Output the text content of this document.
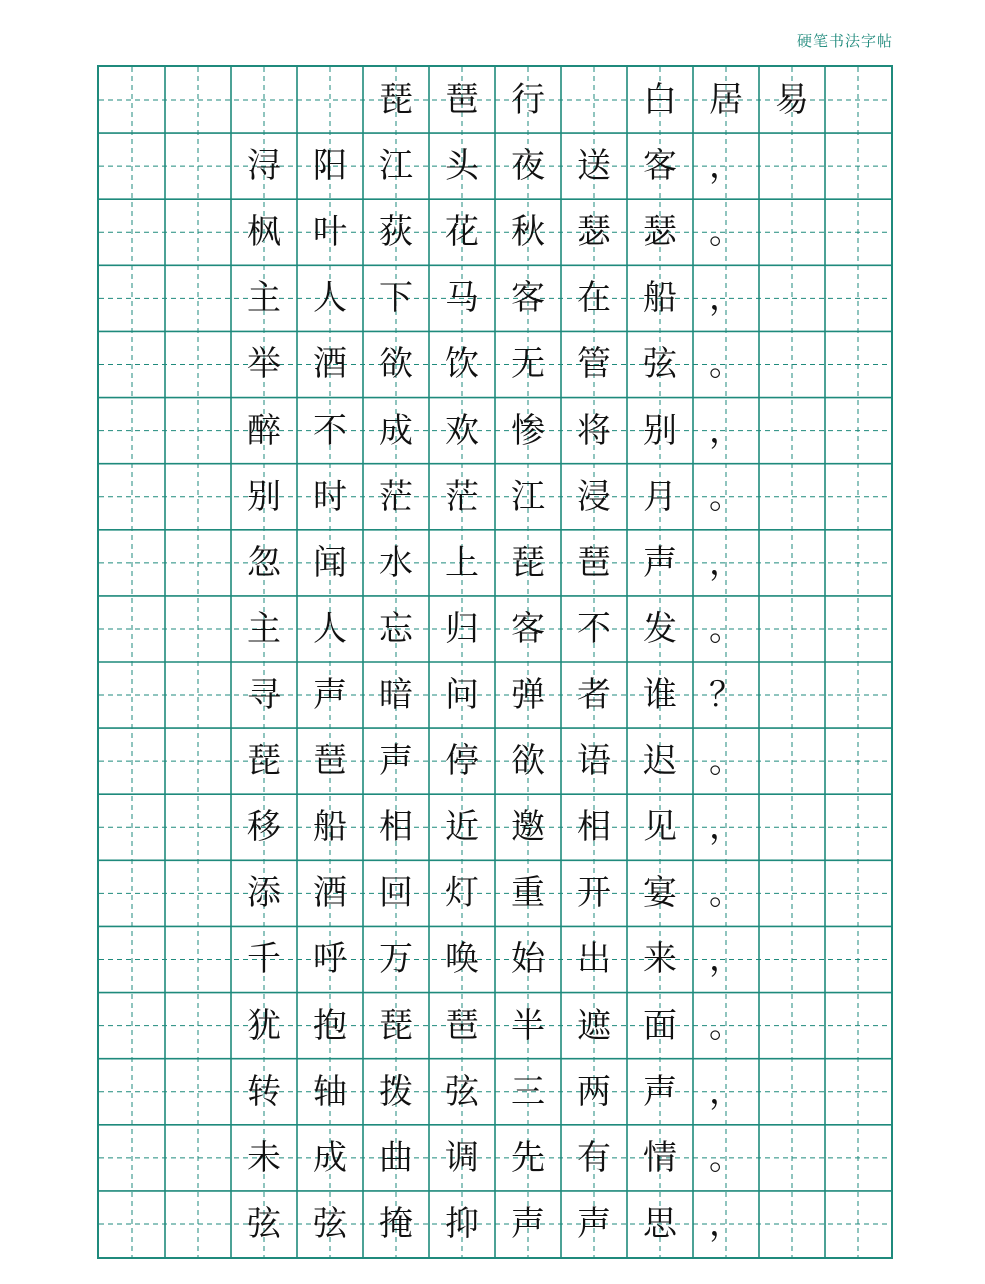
硬笔书法字帖
琵 琶 行	白 居 易
浔 阳 江 头 夜 送 客 ，
枫 叶 荻 花 秋 瑟 瑟 。
主 人 下 马 客 在 船 ，
举 酒 欲 饮 无 管 弦 。
醉 不 成 欢 惨 将 别 ，
别 时 茫 茫 江 浸 月 。
忽 闻 水 上 琵 琶 声 ，
主 人 忘 归 客 不 发 。
寻 声 暗 问 弹 者 谁 ？
琵 琶 声 停 欲 语 迟 。
移 船 相 近 邀 相 见 ，
添 酒 回 灯 重 开 宴 。
千 呼 万 唤 始 出 来 ，
犹 抱 琵 琶 半 遮 面 。
转 轴 拨 弦 三 两 声 ，
未 成 曲 调 先 有 情 。
弦 弦 掩 抑 声 声 思 ，
